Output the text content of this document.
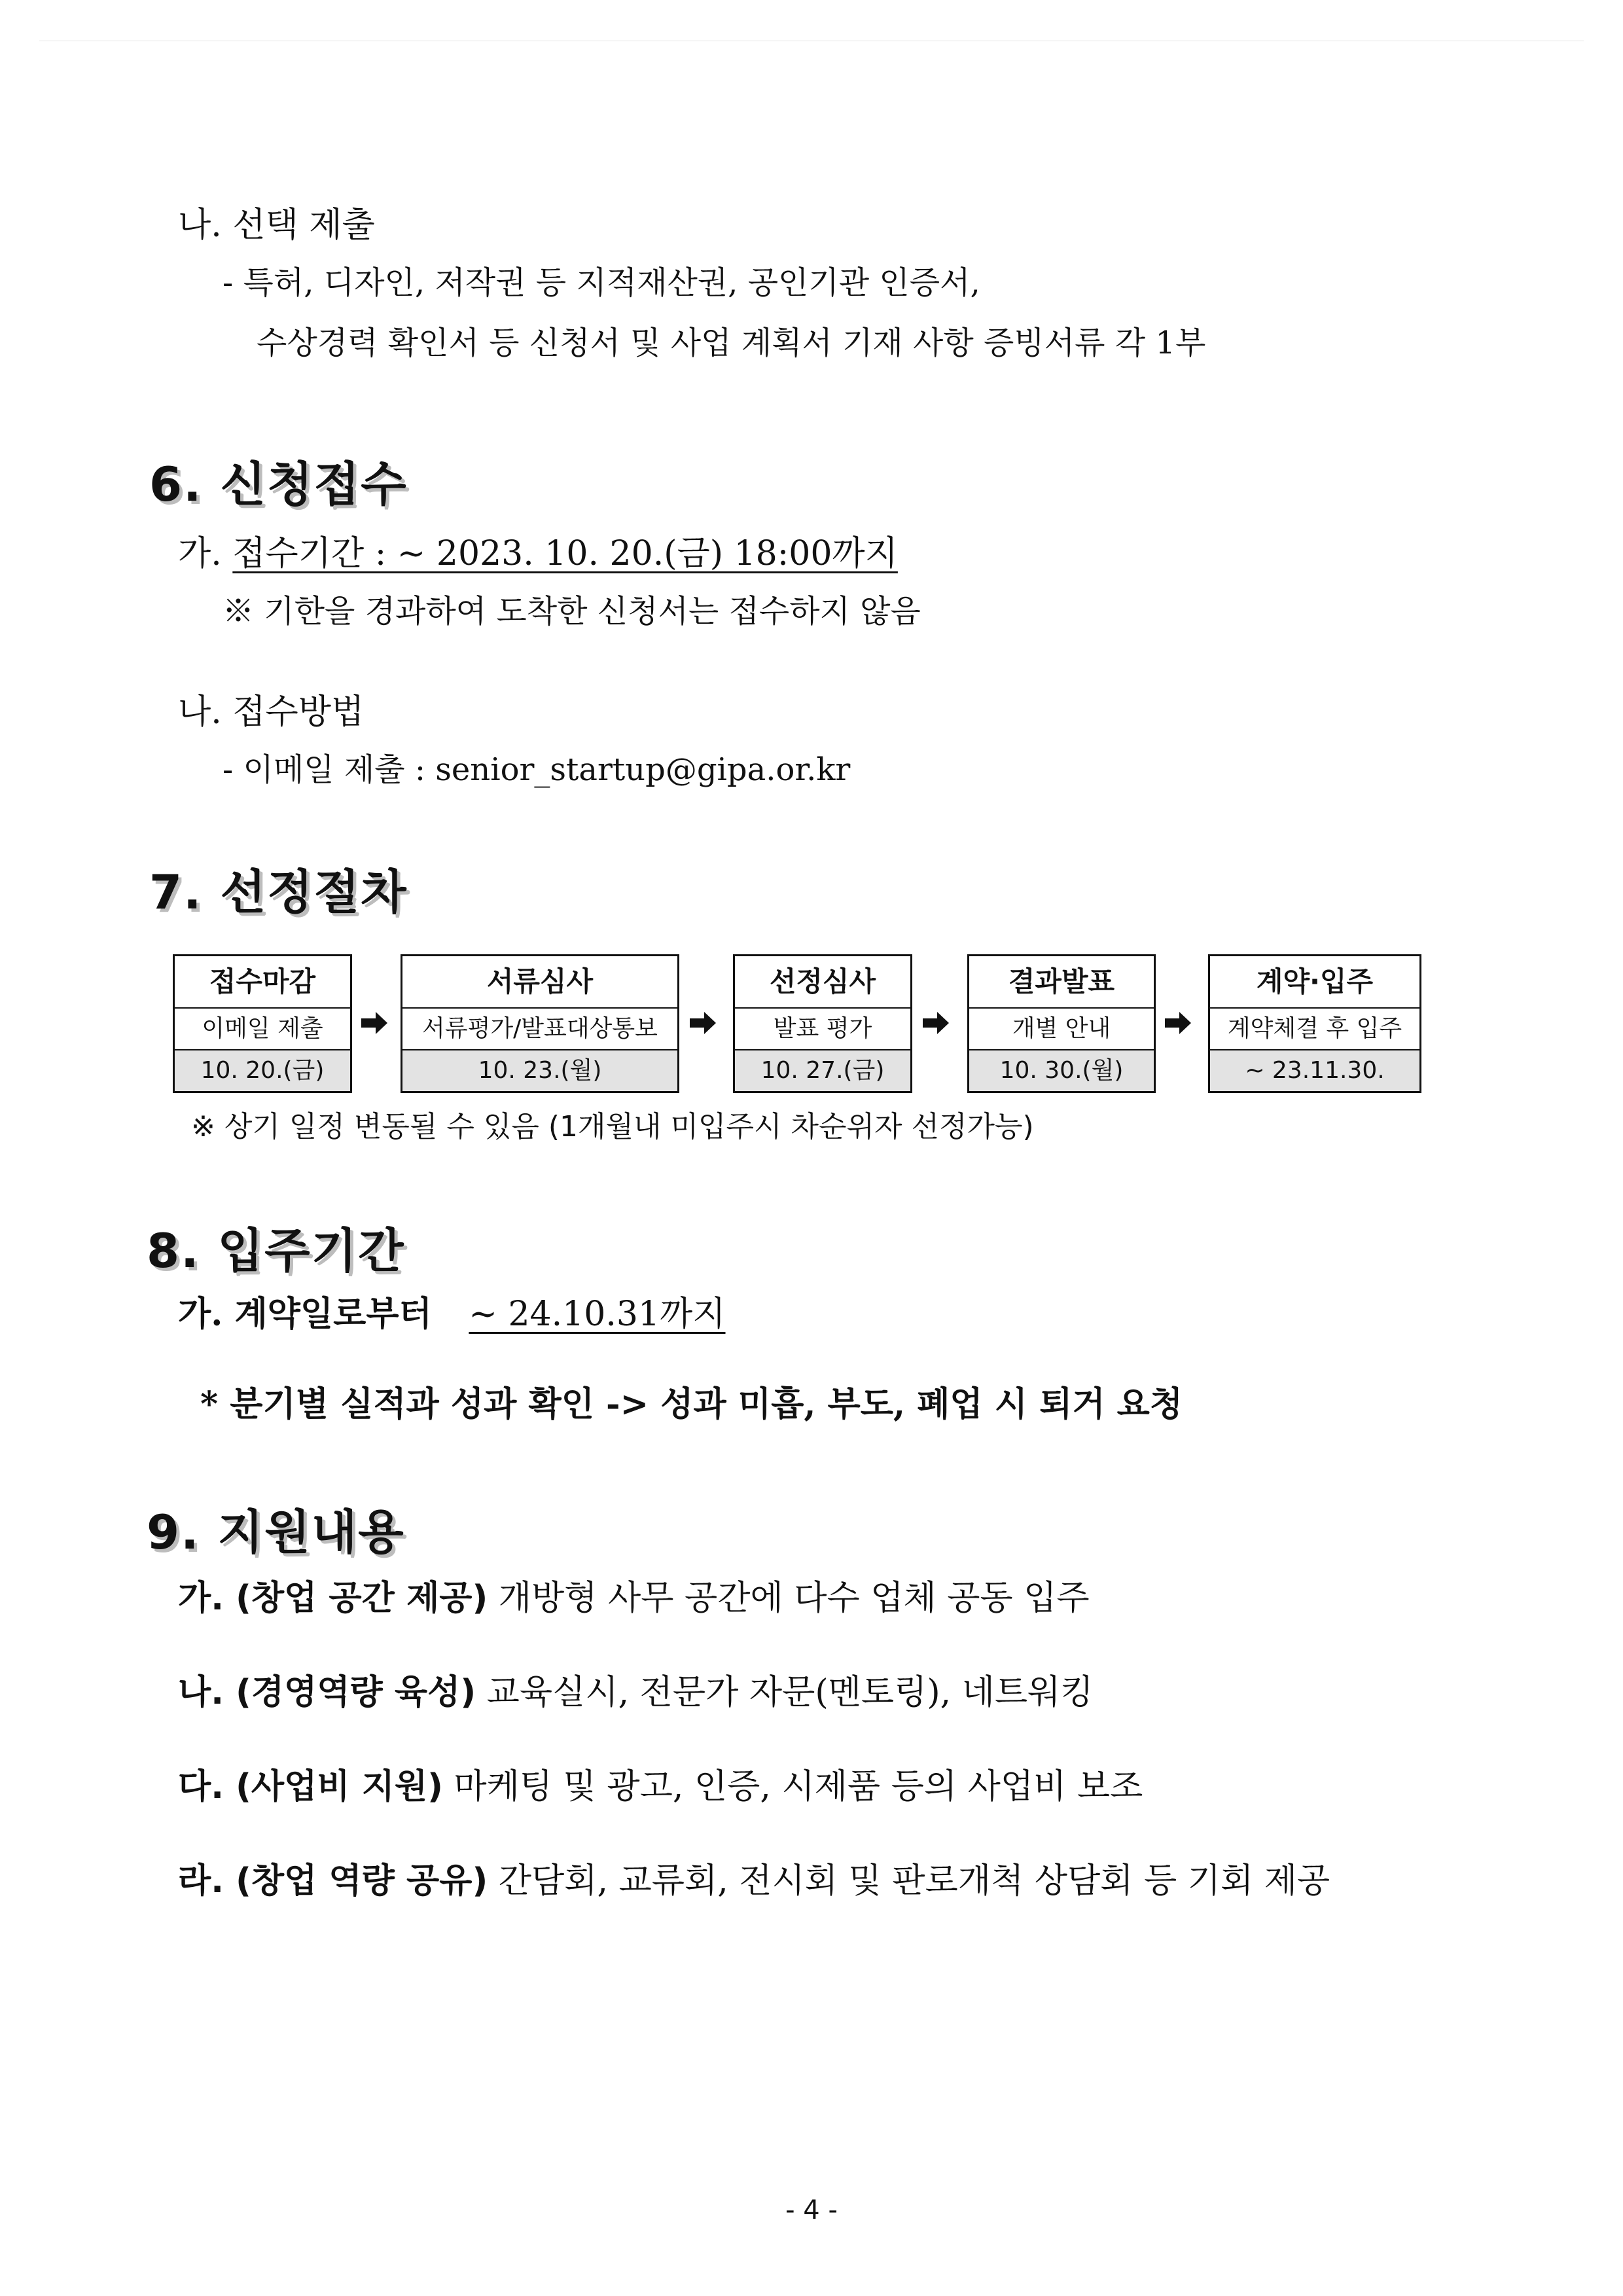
나. 선택 제출
- 특허, 디자인, 저작권 등 지적재산권, 공인기관 인증서,
수상경력 확인서 등 신청서 및 사업 계획서 기재 사항 증빙서류 각 1부
6. 신청접수
가. 접수기간 : ~ 2023. 10. 20.(금) 18:00까지
※ 기한을 경과하여 도착한 신청서는 접수하지 않음
나. 접수방법
- 이메일 제출 : senior_startup@gipa.or.kr
7. 선정절차
접수마감
이메일 제출
10. 20.(금)
서류심사
서류평가/발표대상통보
10. 23.(월)
선정심사
발표 평가
10. 27.(금)
결과발표
개별 안내
10. 30.(월)
계약·입주
계약체결 후 입주
~ 23.11.30.
※ 상기 일정 변동될 수 있음 (1개월내 미입주시 차순위자 선정가능)
8. 입주기간
가. 계약일로부터 ~ 24.10.31까지
* 분기별 실적과 성과 확인 -> 성과 미흡, 부도, 폐업 시 퇴거 요청
9. 지원내용
가. (창업 공간 제공) 개방형 사무 공간에 다수 업체 공동 입주
나. (경영역량 육성) 교육실시, 전문가 자문(멘토링), 네트워킹
다. (사업비 지원) 마케팅 및 광고, 인증, 시제품 등의 사업비 보조
라. (창업 역량 공유) 간담회, 교류회, 전시회 및 판로개척 상담회 등 기회 제공
- 4 -
